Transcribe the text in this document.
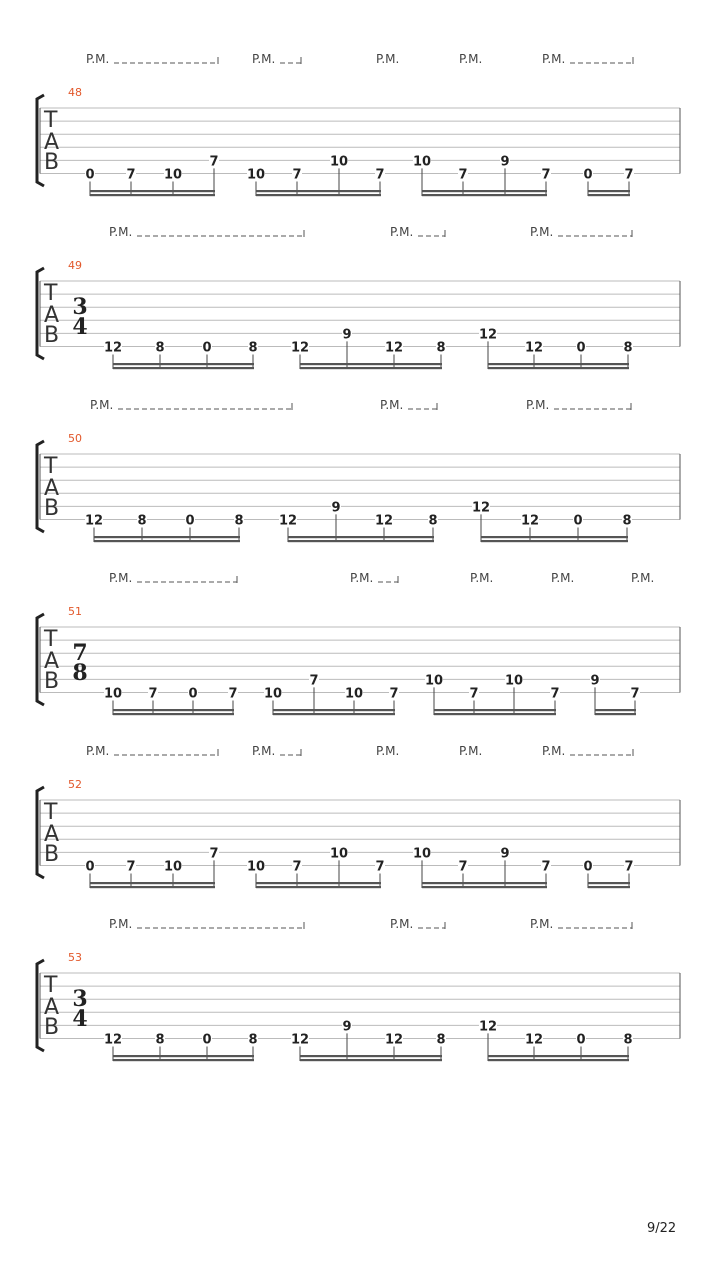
T
A
B
48
0 7 10
7
10 7
10
7
10
7
9
7	0 7
P.M.	P.M.	P.M.	P.M.	P.M.
T
A
B
49
3
4
12	8	0	8	12
9
12	8
12
12	0	8
P.M.	P.M.	P.M.
T
A
B
50
12	8	0	8	12
9
12	8
12
12	0	8
P.M.	P.M.	P.M.
T
A
B
51
7
8
10 7 0 7 10
7
10 7
10
7
10
7
9
7
P.M.	P.M.	P.M.	P.M.	P.M.
T
A
B
52
0 7 10
7
10 7
10
7
10
7
9
7	0 7
P.M.	P.M.	P.M.	P.M.	P.M.
T
A
B
53
3
4
12	8	0	8	12
9
12	8
12
12	0	8
P.M.	P.M.	P.M.
9/22
